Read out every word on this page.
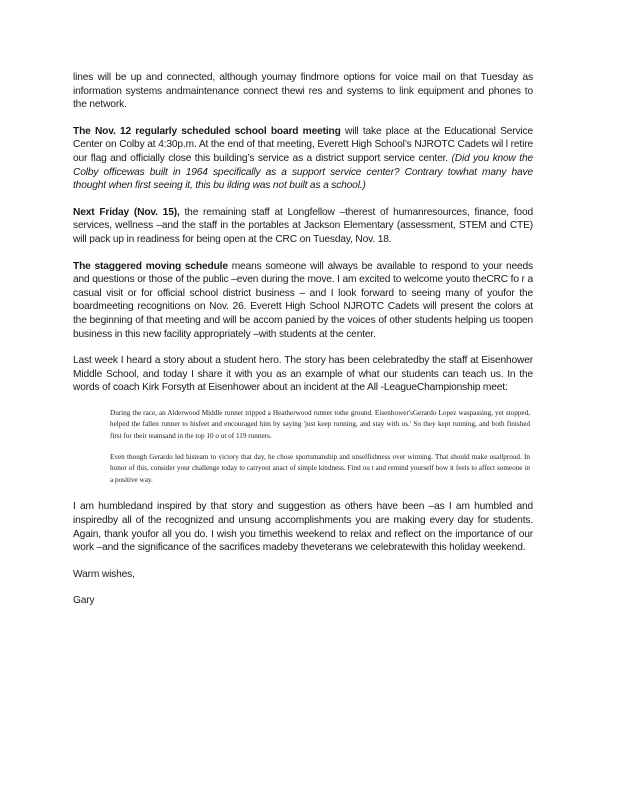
lines will be up and connected, although youmay findmore options for voice mail on that Tuesday as information systems andmaintenance connect thewi res and systems to link equipment and phones to the network.

The Nov. 12 regularly scheduled school board meeting will take place at the Educational Service Center on Colby at 4:30p.m. At the end of that meeting, Everett High School’s NJROTC Cadets wil l retire our flag and officially close this building’s service as a district support service center. (Did you know the Colby officewas built in 1964 specifically as a support service center? Contrary towhat many have thought when first seeing it, this bu ilding was not built as a school.)

Next Friday (Nov. 15), the remaining staff at Longfellow –therest of humanresources, finance, food services, wellness –and the staff in the portables at Jackson Elementary (assessment, STEM and CTE) will pack up in readiness for being open at the CRC on Tuesday, Nov. 18.

The staggered moving schedule means someone will always be available to respond to your needs and questions or those of the public –even during the move. I am excited to welcome youto theCRC fo r a casual visit or for official school district business – and I look forward to seeing many of youfor the boardmeeting recognitions on Nov. 26. Everett High School NJROTC Cadets will present the colors at the beginning of that meeting and will be accom panied by the voices of other students helping us toopen business in this new facility appropriately –with students at the center.

Last week I heard a story about a student hero. The story has been celebratedby the staff at Eisenhower Middle School, and today I share it with you as an example of what our students can teach us. In the words of coach Kirk Forsyth at Eisenhower about an incident at the All -LeagueChampionship meet:

During the race, an Alderwood Middle runner tripped a Heatherwood runner tothe ground. Eisenhower'sGerardo Lopez waspassing, yet stopped, helped the fallen runner to hisfeet and encouraged him by saying 'just keep running, and stay with us.' So they kept running, and both finished first for their teamsand in the top 10 o ut of 119 runners.

Even though Gerardo led histeam to victory that day, he chose sportsmanship and unselfishness over winning. That should make usallproud. In honor of this, consider your challenge today to carryout anact of simple kindness. Find ou t and remind yourself how it feels to affect someone in a positive way.

I am humbledand inspired by that story and suggestion as others have been –as I am humbled and inspiredby all of the recognized and unsung accomplishments you are making every day for students. Again, thank youfor all you do. I wish you timethis weekend to relax and reflect on the importance of our work –and the significance of the sacrifices madeby theveterans we celebratewith this holiday weekend.

Warm wishes,

Gary
